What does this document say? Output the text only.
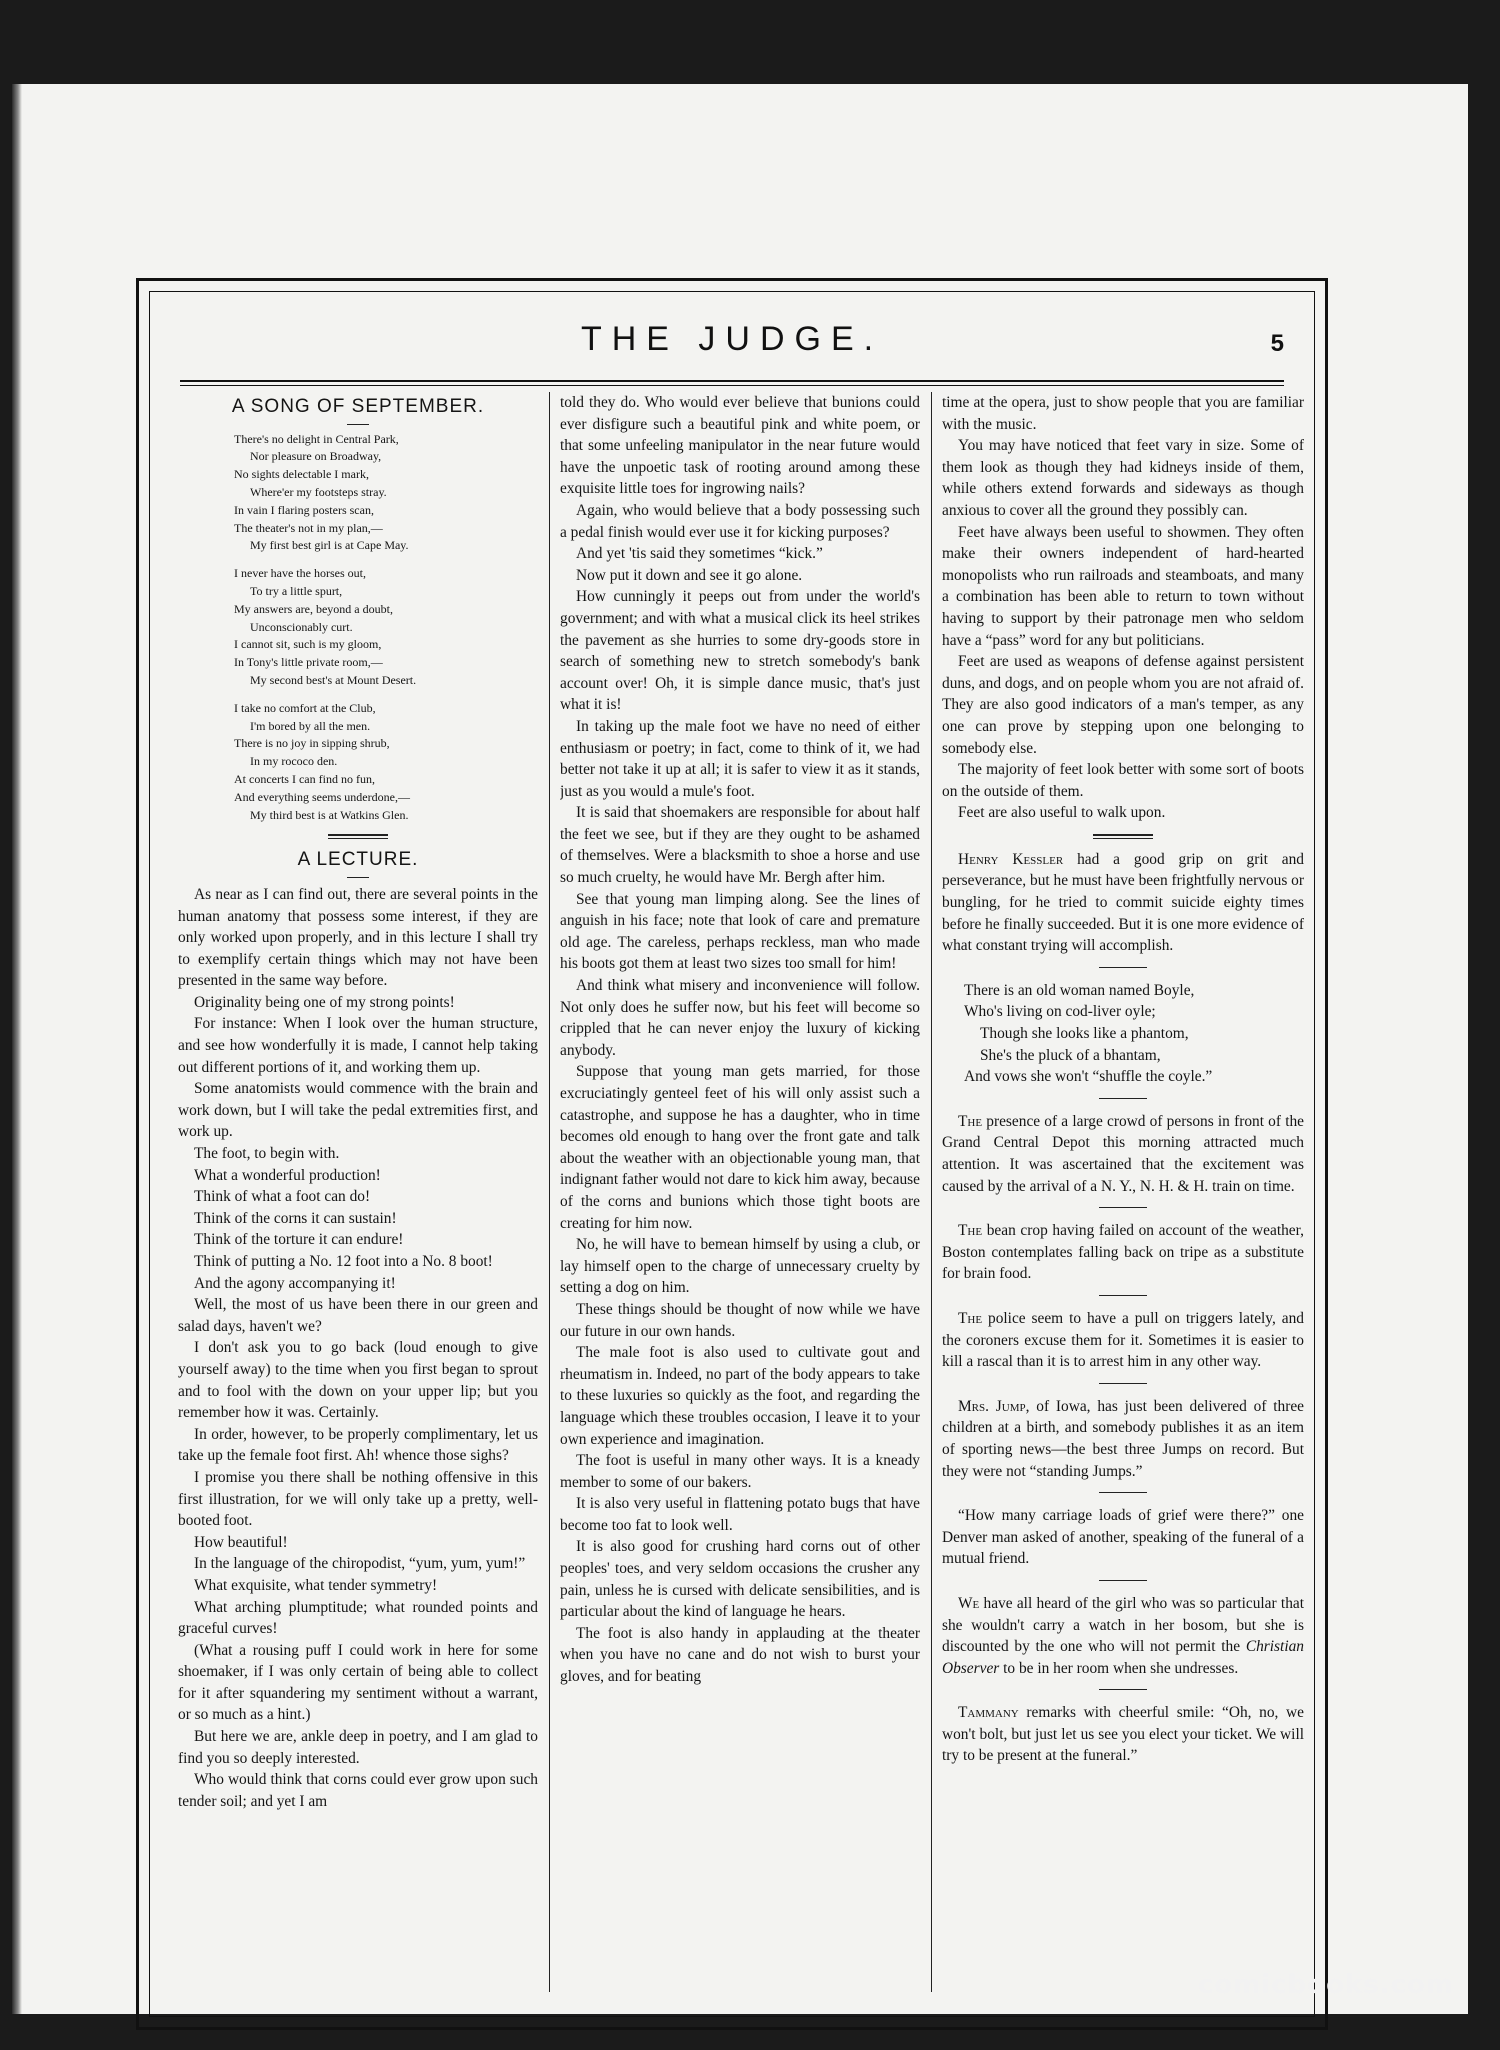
THE JUDGE.	5
A SONG OF SEPTEMBER.
There's no delight in Central Park,
Nor pleasure on Broadway,
No sights delectable I mark,
Where'er my footsteps stray.
In vain I flaring posters scan,
The theater's not in my plan,—
My first best girl is at Cape May.
I never have the horses out,
To try a little spurt,
My answers are, beyond a doubt,
Unconscionably curt.
I cannot sit, such is my gloom,
In Tony's little private room,—
My second best's at Mount Desert.
I take no comfort at the Club,
I'm bored by all the men.
There is no joy in sipping shrub,
In my rococo den.
At concerts I can find no fun,
And everything seems underdone,—
My third best is at Watkins Glen.
A LECTURE.

As near as I can find out, there are several points in the human anatomy that possess some interest, if they are only worked upon properly, and in this lecture I shall try to exemplify certain things which may not have been presented in the same way before.

Originality being one of my strong points!

For instance: When I look over the human structure, and see how wonderfully it is made, I cannot help taking out different portions of it, and working them up.

Some anatomists would commence with the brain and work down, but I will take the pedal extremities first, and work up.

The foot, to begin with.

What a wonderful production!

Think of what a foot can do!

Think of the corns it can sustain!

Think of the torture it can endure!

Think of putting a No. 12 foot into a No. 8 boot!

And the agony accompanying it!

Well, the most of us have been there in our green and salad days, haven't we?

I don't ask you to go back (loud enough to give yourself away) to the time when you first began to sprout and to fool with the down on your upper lip; but you remember how it was. Certainly.

In order, however, to be properly complimentary, let us take up the female foot first. Ah! whence those sighs?

I promise you there shall be nothing offensive in this first illustration, for we will only take up a pretty, well-booted foot.

How beautiful!

In the language of the chiropodist, “yum, yum, yum!”

What exquisite, what tender symmetry!

What arching plumptitude; what rounded points and graceful curves!

(What a rousing puff I could work in here for some shoemaker, if I was only certain of being able to collect for it after squandering my sentiment without a warrant, or so much as a hint.)

But here we are, ankle deep in poetry, and I am glad to find you so deeply interested.

Who would think that corns could ever grow upon such tender soil; and yet I am

told they do. Who would ever believe that bunions could ever disfigure such a beautiful pink and white poem, or that some unfeeling manipulator in the near future would have the unpoetic task of rooting around among these exquisite little toes for ingrowing nails?

Again, who would believe that a body possessing such a pedal finish would ever use it for kicking purposes?

And yet 'tis said they sometimes “kick.”

Now put it down and see it go alone.

How cunningly it peeps out from under the world's government; and with what a musical click its heel strikes the pavement as she hurries to some dry-goods store in search of something new to stretch somebody's bank account over! Oh, it is simple dance music, that's just what it is!

In taking up the male foot we have no need of either enthusiasm or poetry; in fact, come to think of it, we had better not take it up at all; it is safer to view it as it stands, just as you would a mule's foot.

It is said that shoemakers are responsible for about half the feet we see, but if they are they ought to be ashamed of themselves. Were a blacksmith to shoe a horse and use so much cruelty, he would have Mr. Bergh after him.

See that young man limping along. See the lines of anguish in his face; note that look of care and premature old age. The careless, perhaps reckless, man who made his boots got them at least two sizes too small for him!

And think what misery and inconvenience will follow. Not only does he suffer now, but his feet will become so crippled that he can never enjoy the luxury of kicking anybody.

Suppose that young man gets married, for those excruciatingly genteel feet of his will only assist such a catastrophe, and suppose he has a daughter, who in time becomes old enough to hang over the front gate and talk about the weather with an objectionable young man, that indignant father would not dare to kick him away, because of the corns and bunions which those tight boots are creating for him now.

No, he will have to bemean himself by using a club, or lay himself open to the charge of unnecessary cruelty by setting a dog on him.

These things should be thought of now while we have our future in our own hands.

The male foot is also used to cultivate gout and rheumatism in. Indeed, no part of the body appears to take to these luxuries so quickly as the foot, and regarding the language which these troubles occasion, I leave it to your own experience and imagination.

The foot is useful in many other ways. It is a kneady member to some of our bakers.

It is also very useful in flattening potato bugs that have become too fat to look well.

It is also good for crushing hard corns out of other peoples' toes, and very seldom occasions the crusher any pain, unless he is cursed with delicate sensibilities, and is particular about the kind of language he hears.

The foot is also handy in applauding at the theater when you have no cane and do not wish to burst your gloves, and for beating

time at the opera, just to show people that you are familiar with the music.

You may have noticed that feet vary in size. Some of them look as though they had kidneys inside of them, while others extend forwards and sideways as though anxious to cover all the ground they possibly can.

Feet have always been useful to showmen. They often make their owners independent of hard-hearted monopolists who run railroads and steamboats, and many a combination has been able to return to town without having to support by their patronage men who seldom have a “pass” word for any but politicians.

Feet are used as weapons of defense against persistent duns, and dogs, and on people whom you are not afraid of. They are also good indicators of a man's temper, as any one can prove by stepping upon one belonging to somebody else.

The majority of feet look better with some sort of boots on the outside of them.

Feet are also useful to walk upon.

Henry Kessler had a good grip on grit and perseverance, but he must have been frightfully nervous or bungling, for he tried to commit suicide eighty times before he finally succeeded. But it is one more evidence of what constant trying will accomplish.

There is an old woman named Boyle,
Who's living on cod-liver oyle;
Though she looks like a phantom,
She's the pluck of a bhantam,
And vows she won't “shuffle the coyle.”

The presence of a large crowd of persons in front of the Grand Central Depot this morning attracted much attention. It was ascertained that the excitement was caused by the arrival of a N. Y., N. H. & H. train on time.

The bean crop having failed on account of the weather, Boston contemplates falling back on tripe as a substitute for brain food.

The police seem to have a pull on triggers lately, and the coroners excuse them for it. Sometimes it is easier to kill a rascal than it is to arrest him in any other way.

Mrs. Jump, of Iowa, has just been delivered of three children at a birth, and somebody publishes it as an item of sporting news—the best three Jumps on record. But they were not “standing Jumps.”

“How many carriage loads of grief were there?” one Denver man asked of another, speaking of the funeral of a mutual friend.

We have all heard of the girl who was so particular that she wouldn't carry a watch in her bosom, but she is discounted by the one who will not permit the Christian Observer to be in her room when she undresses.

Tammany remarks with cheerful smile: “Oh, no, we won't bolt, but just let us see you elect your ticket. We will try to be present at the funeral.”

comicbooks.com
